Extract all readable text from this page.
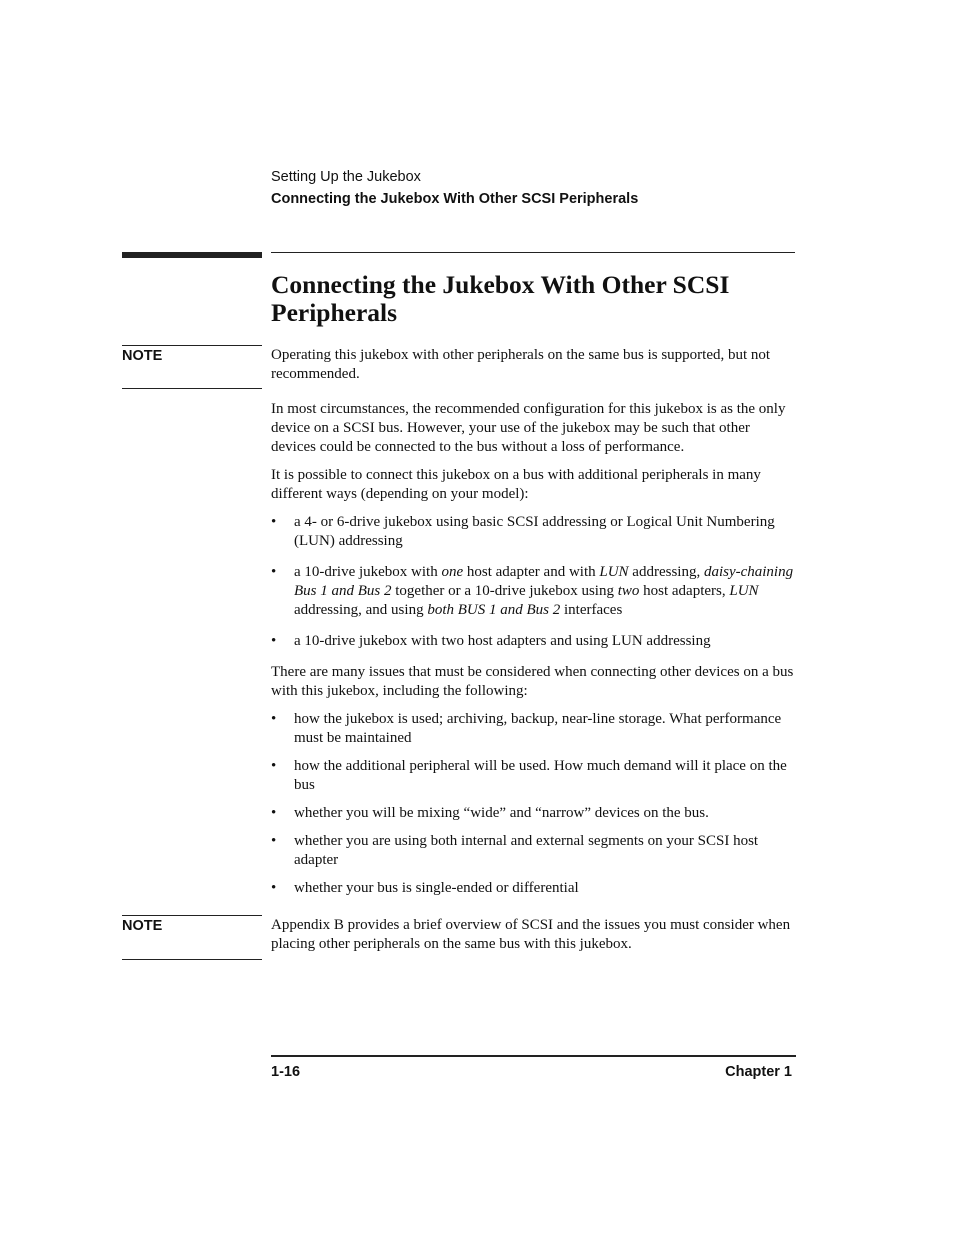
Setting Up the Jukebox
Connecting the Jukebox With Other SCSI Peripherals
Connecting the Jukebox With Other SCSI Peripherals
NOTE	Operating this jukebox with other peripherals on the same bus is supported, but not recommended.

In most circumstances, the recommended configuration for this jukebox is as the only device on a SCSI bus. However, your use of the jukebox may be such that other devices could be connected to the bus without a loss of performance.

It is possible to connect this jukebox on a bus with additional peripherals in many different ways (depending on your model):

• a 4- or 6-drive jukebox using basic SCSI addressing or Logical Unit Numbering (LUN) addressing
• a 10-drive jukebox with one host adapter and with LUN addressing, daisy-chaining Bus 1 and Bus 2 together or a 10-drive jukebox using two host adapters, LUN addressing, and using both BUS 1 and Bus 2 interfaces
• a 10-drive jukebox with two host adapters and using LUN addressing

There are many issues that must be considered when connecting other devices on a bus with this jukebox, including the following:

• how the jukebox is used; archiving, backup, near-line storage. What performance must be maintained
• how the additional peripheral will be used. How much demand will it place on the bus
• whether you will be mixing “wide” and “narrow” devices on the bus.
• whether you are using both internal and external segments on your SCSI host adapter
• whether your bus is single-ended or differential
NOTE	Appendix B provides a brief overview of SCSI and the issues you must consider when placing other peripherals on the same bus with this jukebox.

1-16	Chapter 1
